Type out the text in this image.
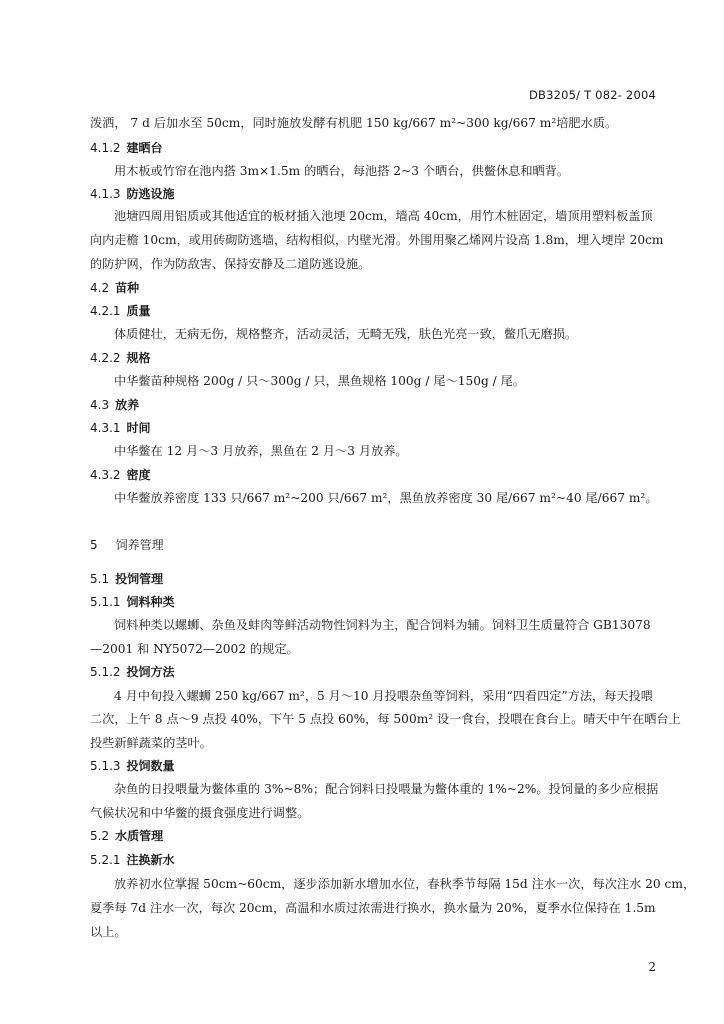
DB3205/ T 082- 2004
泼洒， 7 d 后加水至 50cm，同时施放发酵有机肥 150 kg/667 m²~300 kg/667 m²培肥水质。
4.1.2 建晒台
用木板或竹帘在池内搭 3m×1.5m 的晒台，每池搭 2~3 个晒台，供鳖休息和晒背。
4.1.3 防逃设施
池塘四周用铝质或其他适宜的板材插入池埂 20cm，墙高 40cm，用竹木桩固定，墙顶用塑料板盖顶
向内走檐 10cm，或用砖砌防逃墙，结构相似，内壁光滑。外围用聚乙烯网片设高 1.8m，埋入埂岸 20cm
的防护网，作为防敌害、保持安静及二道防逃设施。
4.2 苗种
4.2.1 质量
体质健壮，无病无伤，规格整齐，活动灵活，无畸无残，肤色光亮一致，鳖爪无磨损。
4.2.2 规格
中华鳖苗种规格 200g / 只～300g / 只，黑鱼规格 100g / 尾～150g / 尾。
4.3 放养
4.3.1 时间
中华鳖在 12 月～3 月放养，黑鱼在 2 月～3 月放养。
4.3.2 密度
中华鳖放养密度 133 只/667 m²~200 只/667 m²，黑鱼放养密度 30 尾/667 m²~40 尾/667 m²。
5 饲养管理
5.1 投饲管理
5.1.1 饲料种类
饲料种类以螺蛳、杂鱼及蚌肉等鲜活动物性饲料为主，配合饲料为辅。饲料卫生质量符合 GB13078
—2001 和 NY5072—2002 的规定。
5.1.2 投饲方法
4 月中旬投入螺蛳 250 kg/667 m²，5 月～10 月投喂杂鱼等饲料，采用“四看四定”方法，每天投喂
二次，上午 8 点～9 点投 40%，下午 5 点投 60%，每 500m² 设一食台，投喂在食台上。晴天中午在晒台上
投些新鲜蔬菜的茎叶。
5.1.3 投饲数量
杂鱼的日投喂量为鳖体重的 3%~8%；配合饲料日投喂量为鳖体重的 1%~2%。投饲量的多少应根据
气候状况和中华鳖的摄食强度进行调整。
5.2 水质管理
5.2.1 注换新水
放养初水位掌握 50cm~60cm，逐步添加新水增加水位，春秋季节每隔 15d 注水一次，每次注水 20 cm，
夏季每 7d 注水一次，每次 20cm，高温和水质过浓需进行换水，换水量为 20%，夏季水位保持在 1.5m
以上。
2
